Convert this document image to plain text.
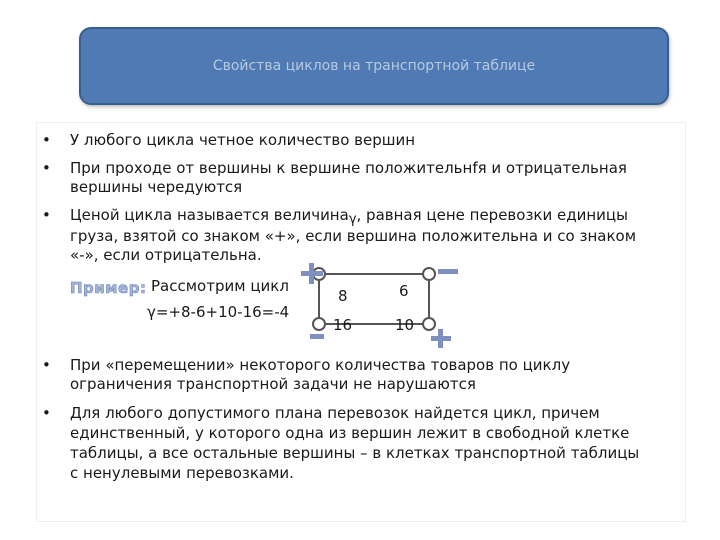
Свойства циклов на транспортной таблице
• У любого цикла четное количество вершин
• При проходе от вершины к вершине положительнfя и отрицательная
вершины чередуются
• Ценой цикла называется величинаγ, равная цене перевозки единицы
груза, взятой со знаком «+», если вершина положительна и со знаком
«-», если отрицательна.
Пример: Рассмотрим цикл
γ=+8-6+10-16=-4
8	6
16	10
• При «перемещении» некоторого количества товаров по циклу
ограничения транспортной задачи не нарушаются
• Для любого допустимого плана перевозок найдется цикл, причем
единственный, у которого одна из вершин лежит в свободной клетке
таблицы, а все остальные вершины – в клетках транспортной таблицы
с ненулевыми перевозками.
